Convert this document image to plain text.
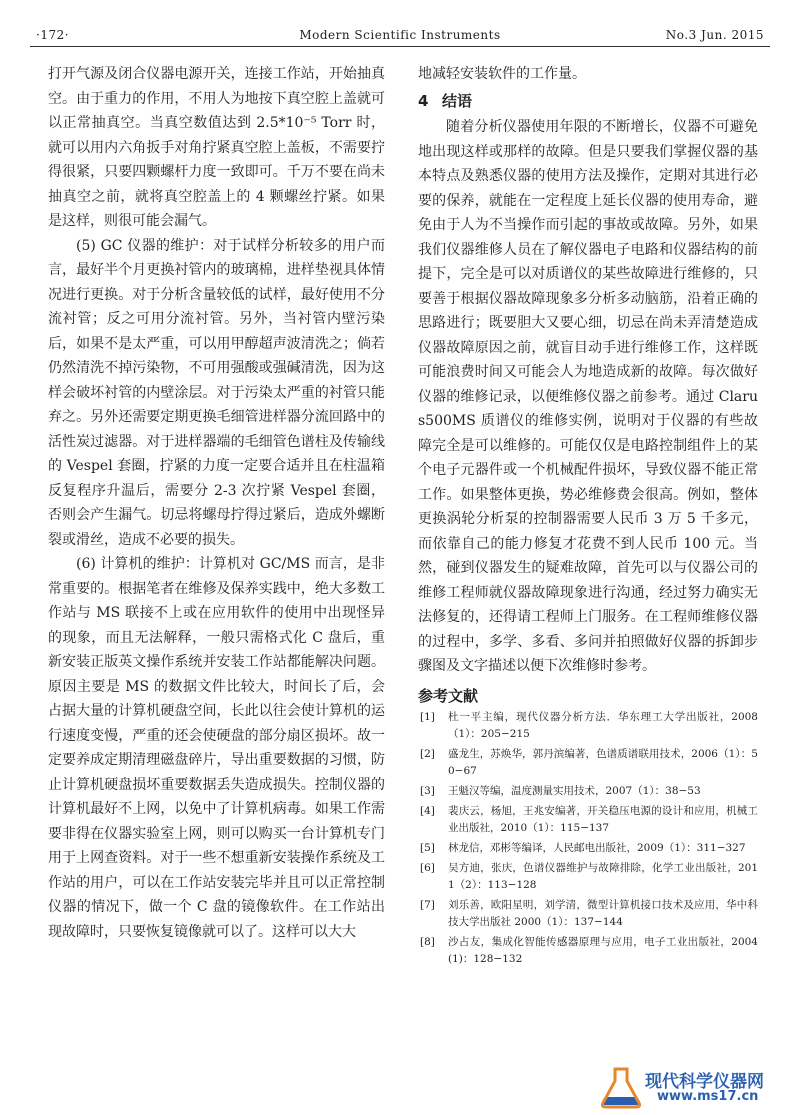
·172·	Modern Scientific Instruments	No.3 Jun. 2015

打开气源及闭合仪器电源开关，连接工作站，开始抽真空。由于重力的作用，不用人为地按下真空腔上盖就可以正常抽真空。当真空数值达到 2.5*10⁻⁵ Torr 时，就可以用内六角扳手对角拧紧真空腔上盖板，不需要拧得很紧，只要四颗螺杆力度一致即可。千万不要在尚未抽真空之前，就将真空腔盖上的 4 颗螺丝拧紧。如果是这样，则很可能会漏气。

(5) GC 仪器的维护：对于试样分析较多的用户而言，最好半个月更换衬管内的玻璃棉，进样垫视具体情况进行更换。对于分析含量较低的试样，最好使用不分流衬管；反之可用分流衬管。另外，当衬管内壁污染后，如果不是太严重，可以用甲醇超声波清洗之；倘若仍然清洗不掉污染物，不可用强酸或强碱清洗，因为这样会破坏衬管的内壁涂层。对于污染太严重的衬管只能弃之。另外还需要定期更换毛细管进样器分流回路中的活性炭过滤器。对于进样器端的毛细管色谱柱及传输线的 Vespel 套圈，拧紧的力度一定要合适并且在柱温箱反复程序升温后，需要分 2-3 次拧紧 Vespel 套圈，否则会产生漏气。切忌将螺母拧得过紧后，造成外螺断裂或滑丝，造成不必要的损失。

(6) 计算机的维护：计算机对 GC/MS 而言，是非常重要的。根据笔者在维修及保养实践中，绝大多数工作站与 MS 联接不上或在应用软件的使用中出现怪异的现象，而且无法解释，一般只需格式化 C 盘后，重新安装正版英文操作系统并安装工作站都能解决问题。原因主要是 MS 的数据文件比较大，时间长了后，会占据大量的计算机硬盘空间，长此以往会使计算机的运行速度变慢，严重的还会使硬盘的部分扇区损坏。故一定要养成定期清理磁盘碎片，导出重要数据的习惯，防止计算机硬盘损坏重要数据丢失造成损失。控制仪器的计算机最好不上网，以免中了计算机病毒。如果工作需要非得在仪器实验室上网，则可以购买一台计算机专门用于上网查资料。对于一些不想重新安装操作系统及工作站的用户，可以在工作站安装完毕并且可以正常控制仪器的情况下，做一个 C 盘的镜像软件。在工作站出现故障时，只要恢复镜像就可以了。这样可以大大

地减轻安装软件的工作量。

4 结语

随着分析仪器使用年限的不断增长，仪器不可避免地出现这样或那样的故障。但是只要我们掌握仪器的基本特点及熟悉仪器的使用方法及操作，定期对其进行必要的保养，就能在一定程度上延长仪器的使用寿命，避免由于人为不当操作而引起的事故或故障。另外，如果我们仪器维修人员在了解仪器电子电路和仪器结构的前提下，完全是可以对质谱仪的某些故障进行维修的，只要善于根据仪器故障现象多分析多动脑筋，沿着正确的思路进行；既要胆大又要心细，切忌在尚未弄清楚造成仪器故障原因之前，就盲目动手进行维修工作，这样既可能浪费时间又可能会人为地造成新的故障。每次做好仪器的维修记录，以便维修仪器之前参考。通过 Clarus500MS 质谱仪的维修实例，说明对于仪器的有些故障完全是可以维修的。可能仅仅是电路控制组件上的某个电子元器件或一个机械配件损坏，导致仪器不能正常工作。如果整体更换，势必维修费会很高。例如，整体更换涡轮分析泵的控制器需要人民币 3 万 5 千多元，而依靠自己的能力修复才花费不到人民币 100 元。当然，碰到仪器发生的疑难故障，首先可以与仪器公司的维修工程师就仪器故障现象进行沟通，经过努力确实无法修复的，还得请工程师上门服务。在工程师维修仪器的过程中，多学、多看、多问并拍照做好仪器的拆卸步骤图及文字描述以便下次维修时参考。

参考文献
[1] 杜一平主编，现代仪器分析方法．华东理工大学出版社，2008（1）：205−215
[2] 盛龙生，苏焕华，郭丹滨编著，色谱质谱联用技术，2006（1）：50−67
[3] 王魁汉等编，温度测量实用技术，2007（1）：38−53
[4] 裴庆云，杨旭，王兆安编著，开关稳压电源的设计和应用，机械工业出版社，2010（1）：115−137
[5] 林龙信，邓彬等编译，人民邮电出版社，2009（1）：311−327
[6] 吴方迪，张庆，色谱仪器维护与故障排除，化学工业出版社，2011（2）：113−128
[7] 刘乐善，欧阳星明，刘学清，微型计算机接口技术及应用，华中科技大学出版社 2000（1）：137−144
[8] 沙占友，集成化智能传感器原理与应用，电子工业出版社，2004(1)：128−132
现代科学仪器网
www.ms17.cn
